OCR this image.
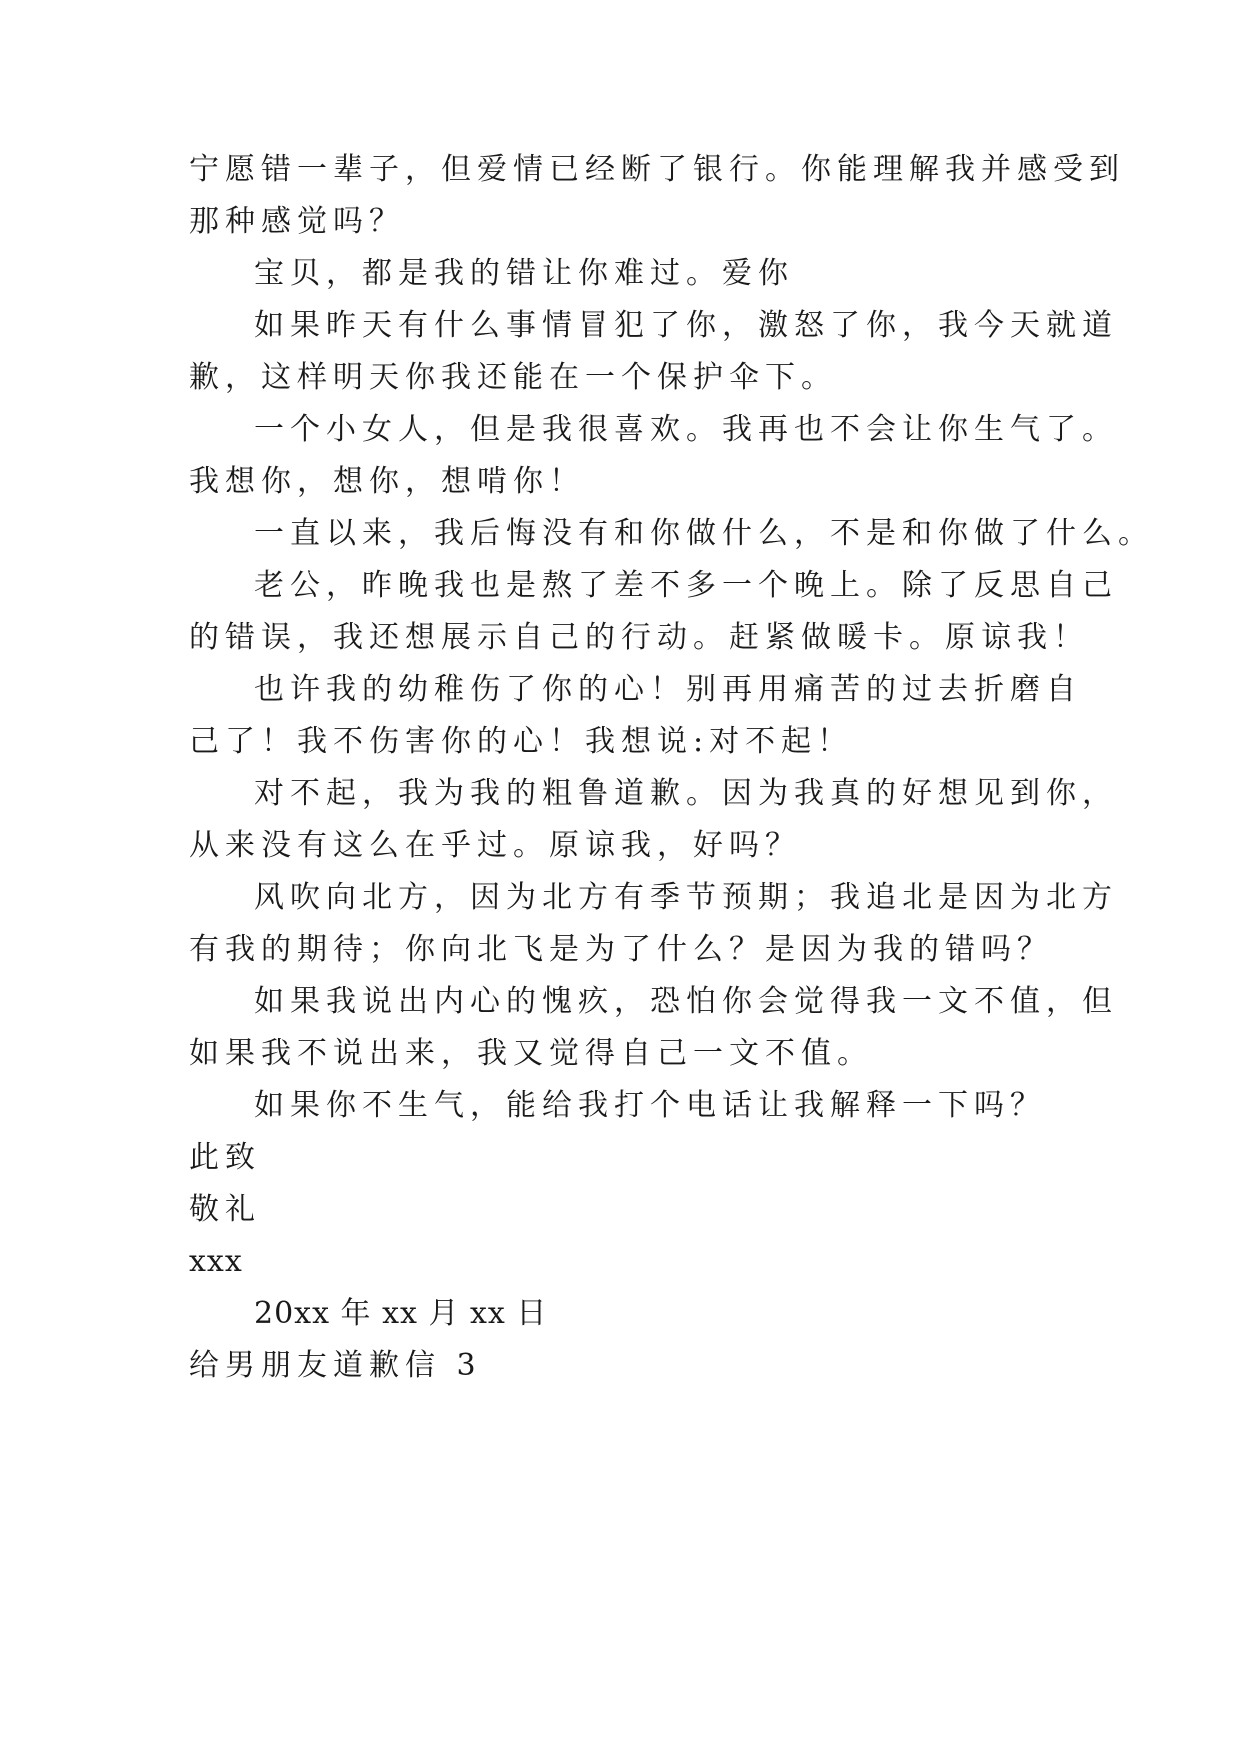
宁愿错一辈子，但爱情已经断了银行。你能理解我并感受到
那种感觉吗？
宝贝，都是我的错让你难过。爱你
如果昨天有什么事情冒犯了你，激怒了你，我今天就道
歉，这样明天你我还能在一个保护伞下。
一个小女人，但是我很喜欢。我再也不会让你生气了。
我想你，想你，想啃你！
一直以来，我后悔没有和你做什么，不是和你做了什么。
老公，昨晚我也是熬了差不多一个晚上。除了反思自己
的错误，我还想展示自己的行动。赶紧做暖卡。原谅我！
也许我的幼稚伤了你的心！别再用痛苦的过去折磨自
己了！我不伤害你的心！我想说:对不起！
对不起，我为我的粗鲁道歉。因为我真的好想见到你，
从来没有这么在乎过。原谅我，好吗？
风吹向北方，因为北方有季节预期；我追北是因为北方
有我的期待；你向北飞是为了什么？是因为我的错吗？
如果我说出内心的愧疚，恐怕你会觉得我一文不值，但
如果我不说出来，我又觉得自己一文不值。
如果你不生气，能给我打个电话让我解释一下吗？
此致
敬礼
xxx
20xx 年 xx 月 xx 日
给男朋友道歉信 3
